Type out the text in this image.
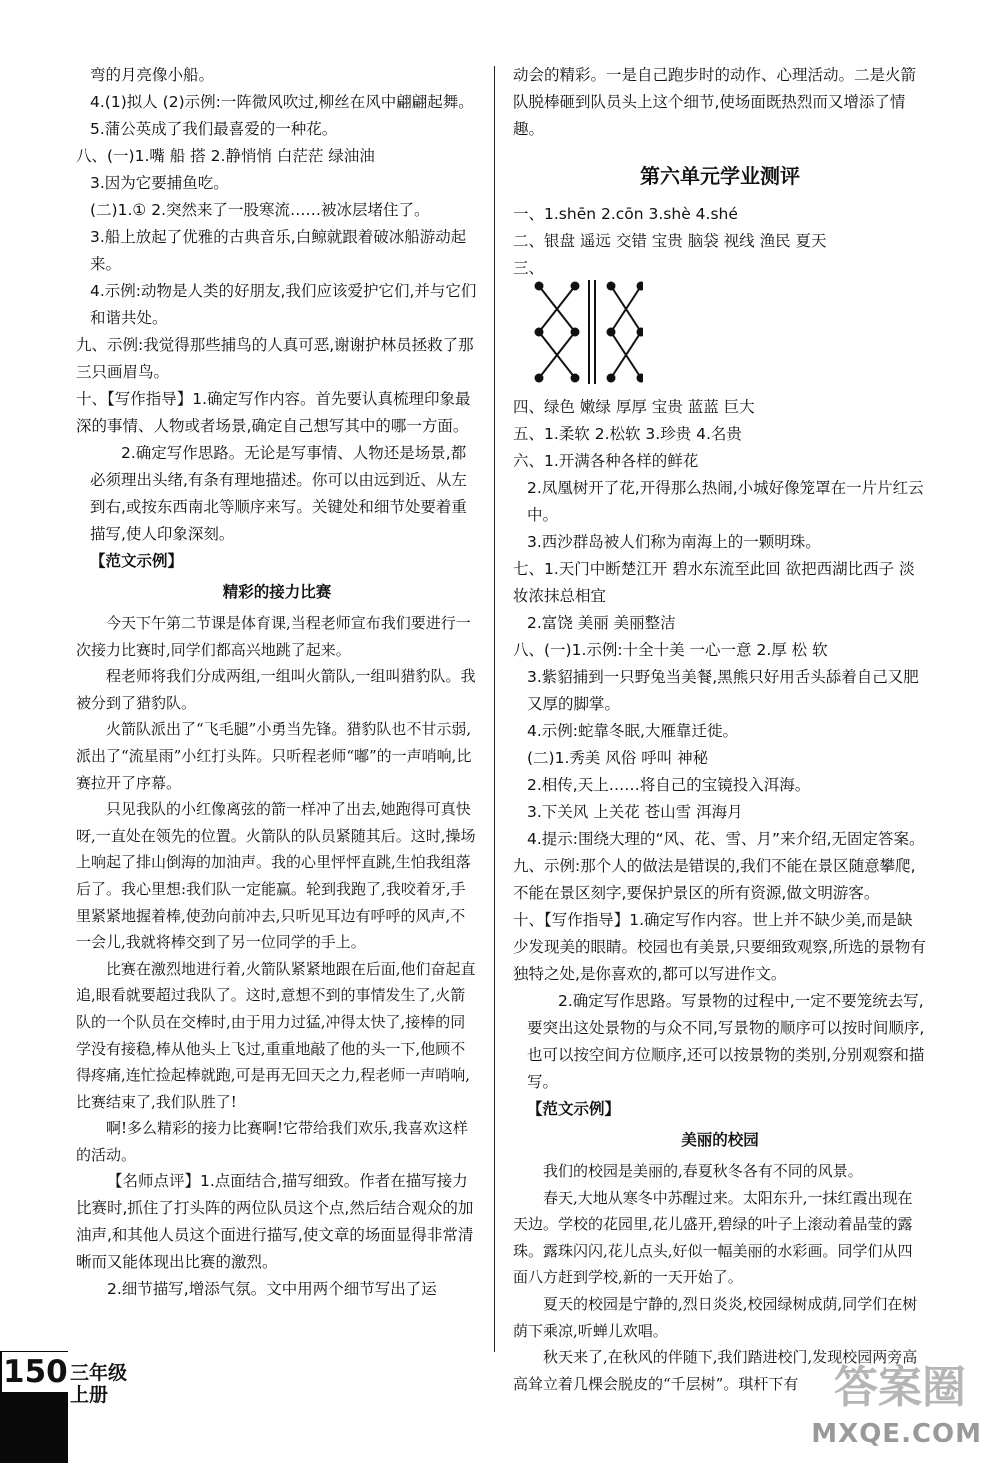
弯的月亮像小船。

4.(1)拟人 (2)示例:一阵微风吹过,柳丝在风中翩翩起舞。

5.蒲公英成了我们最喜爱的一种花。

八、(一)1.嘴 船 搭 2.静悄悄 白茫茫 绿油油

3.因为它要捕鱼吃。

(二)1.① 2.突然来了一股寒流……被冰层堵住了。

3.船上放起了优雅的古典音乐,白鲸就跟着破冰船游动起来。

4.示例:动物是人类的好朋友,我们应该爱护它们,并与它们和谐共处。

九、示例:我觉得那些捕鸟的人真可恶,谢谢护林员拯救了那三只画眉鸟。

十、【写作指导】1.确定写作内容。首先要认真梳理印象最深的事情、人物或者场景,确定自己想写其中的哪一方面。

2.确定写作思路。无论是写事情、人物还是场景,都必须理出头绪,有条有理地描述。你可以由远到近、从左到右,或按东西南北等顺序来写。关键处和细节处要着重描写,使人印象深刻。

【范文示例】

精彩的接力比赛

今天下午第二节课是体育课,当程老师宣布我们要进行一次接力比赛时,同学们都高兴地跳了起来。

程老师将我们分成两组,一组叫火箭队,一组叫猎豹队。我被分到了猎豹队。

火箭队派出了“飞毛腿”小勇当先锋。猎豹队也不甘示弱,派出了“流星雨”小红打头阵。只听程老师“嘟”的一声哨响,比赛拉开了序幕。

只见我队的小红像离弦的箭一样冲了出去,她跑得可真快呀,一直处在领先的位置。火箭队的队员紧随其后。这时,操场上响起了排山倒海的加油声。我的心里怦怦直跳,生怕我组落后了。我心里想:我们队一定能赢。轮到我跑了,我咬着牙,手里紧紧地握着棒,使劲向前冲去,只听见耳边有呼呼的风声,不一会儿,我就将棒交到了另一位同学的手上。

比赛在激烈地进行着,火箭队紧紧地跟在后面,他们奋起直追,眼看就要超过我队了。这时,意想不到的事情发生了,火箭队的一个队员在交棒时,由于用力过猛,冲得太快了,接棒的同学没有接稳,棒从他头上飞过,重重地敲了他的头一下,他顾不得疼痛,连忙捡起棒就跑,可是再无回天之力,程老师一声哨响,比赛结束了,我们队胜了!

啊!多么精彩的接力比赛啊!它带给我们欢乐,我喜欢这样的活动。

【名师点评】1.点面结合,描写细致。作者在描写接力比赛时,抓住了打头阵的两位队员这个点,然后结合观众的加油声,和其他人员这个面进行描写,使文章的场面显得非常清晰而又能体现出比赛的激烈。

2.细节描写,增添气氛。文中用两个细节写出了运

动会的精彩。一是自己跑步时的动作、心理活动。二是火箭队脱棒砸到队员头上这个细节,使场面既热烈而又增添了情趣。

第六单元学业测评

一、1.shēn 2.cōn 3.shè 4.shé

二、银盘 遥远 交错 宝贵 脑袋 视线 渔民 夏天

三、

四、绿色 嫩绿 厚厚 宝贵 蓝蓝 巨大

五、1.柔软 2.松软 3.珍贵 4.名贵

六、1.开满各种各样的鲜花

2.凤凰树开了花,开得那么热闹,小城好像笼罩在一片片红云中。

3.西沙群岛被人们称为南海上的一颗明珠。

七、1.天门中断楚江开 碧水东流至此回 欲把西湖比西子 淡妆浓抹总相宜

2.富饶 美丽 美丽整洁

八、(一)1.示例:十全十美 一心一意 2.厚 松 软

3.紫貂捕到一只野兔当美餐,黑熊只好用舌头舔着自己又肥又厚的脚掌。

4.示例:蛇靠冬眠,大雁靠迁徙。

(二)1.秀美 风俗 呼叫 神秘

2.相传,天上……将自己的宝镜投入洱海。

3.下关风 上关花 苍山雪 洱海月

4.提示:围绕大理的“风、花、雪、月”来介绍,无固定答案。

九、示例:那个人的做法是错误的,我们不能在景区随意攀爬,不能在景区刻字,要保护景区的所有资源,做文明游客。

十、【写作指导】1.确定写作内容。世上并不缺少美,而是缺少发现美的眼睛。校园也有美景,只要细致观察,所选的景物有独特之处,是你喜欢的,都可以写进作文。

2.确定写作思路。写景物的过程中,一定不要笼统去写,要突出这处景物的与众不同,写景物的顺序可以按时间顺序,也可以按空间方位顺序,还可以按景物的类别,分别观察和描写。

【范文示例】

美丽的校园

我们的校园是美丽的,春夏秋冬各有不同的风景。

春天,大地从寒冬中苏醒过来。太阳东升,一抹红霞出现在天边。学校的花园里,花儿盛开,碧绿的叶子上滚动着晶莹的露珠。露珠闪闪,花儿点头,好似一幅美丽的水彩画。同学们从四面八方赶到学校,新的一天开始了。

夏天的校园是宁静的,烈日炎炎,校园绿树成荫,同学们在树荫下乘凉,听蝉儿欢唱。

秋天来了,在秋风的伴随下,我们踏进校门,发现校园两旁高高耸立着几棵会脱皮的“千层树”。琪杆下有

150 三年级
上册	答案圈
MXQE.COM
